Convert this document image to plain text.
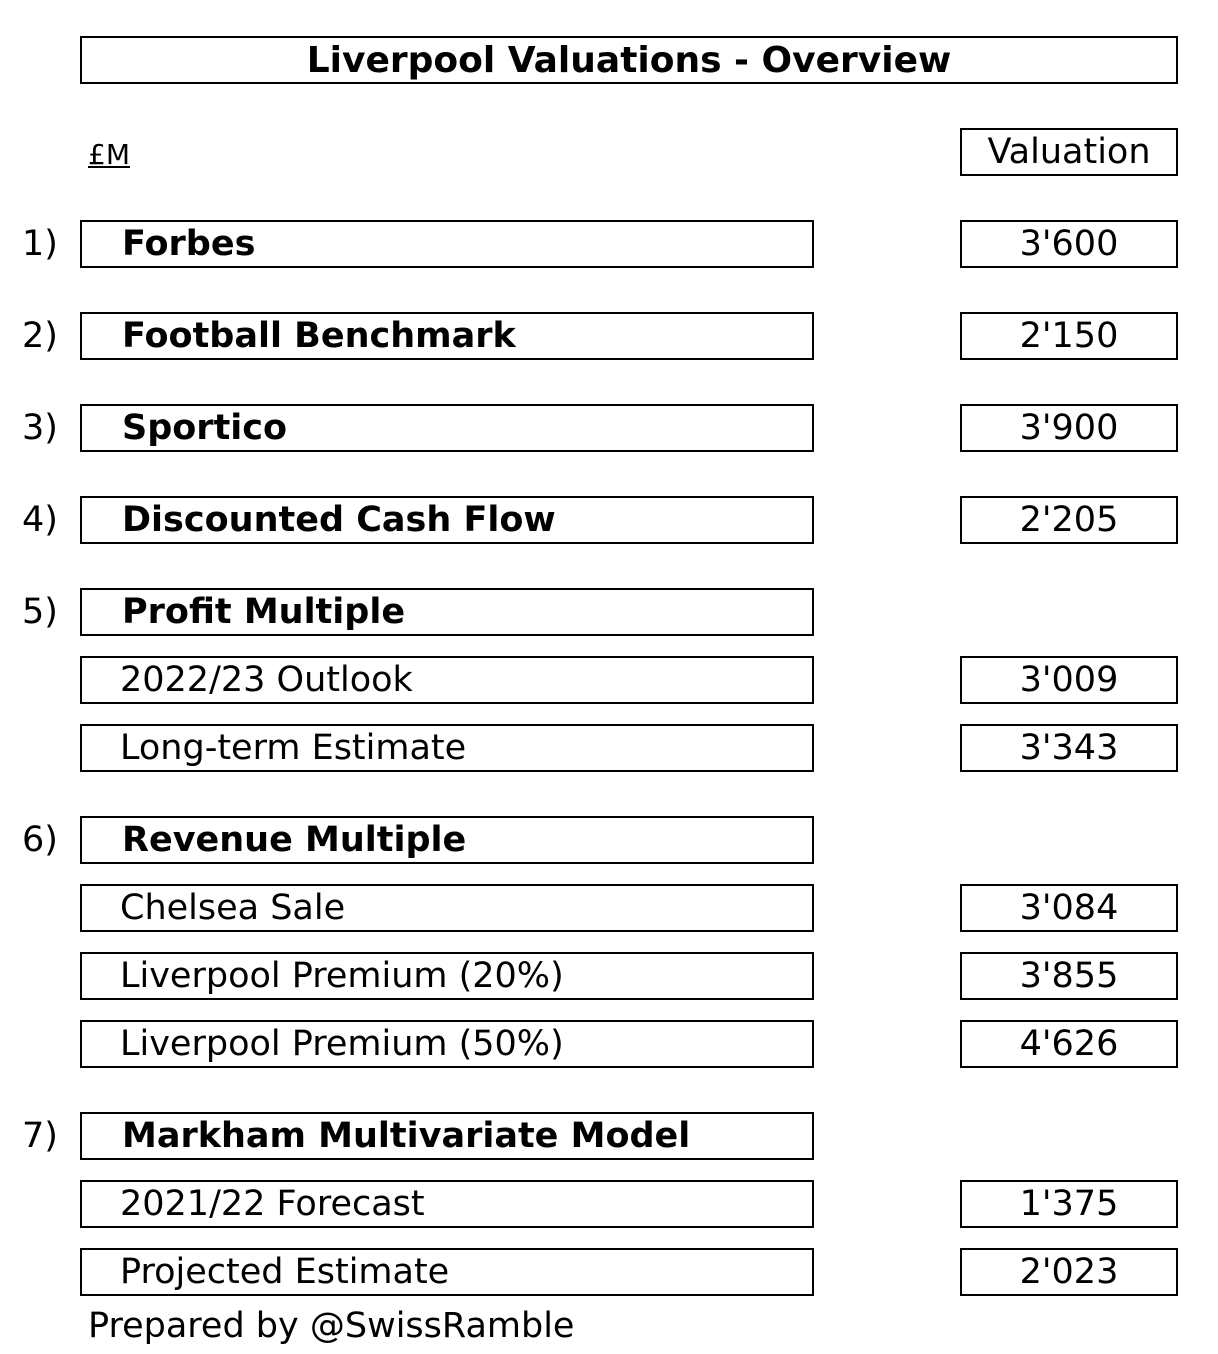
Liverpool Valuations - Overview
£M	Valuation
1)	Forbes	3'600
2)	Football Benchmark	2'150
3)	Sportico	3'900
4)	Discounted Cash Flow	2'205
5)	Profit Multiple
2022/23 Outlook	3'009
Long-term Estimate	3'343
6)	Revenue Multiple
Chelsea Sale	3'084
Liverpool Premium (20%)	3'855
Liverpool Premium (50%)	4'626
7)	Markham Multivariate Model
2021/22 Forecast	1'375
Projected Estimate	2'023
Prepared by @SwissRamble
